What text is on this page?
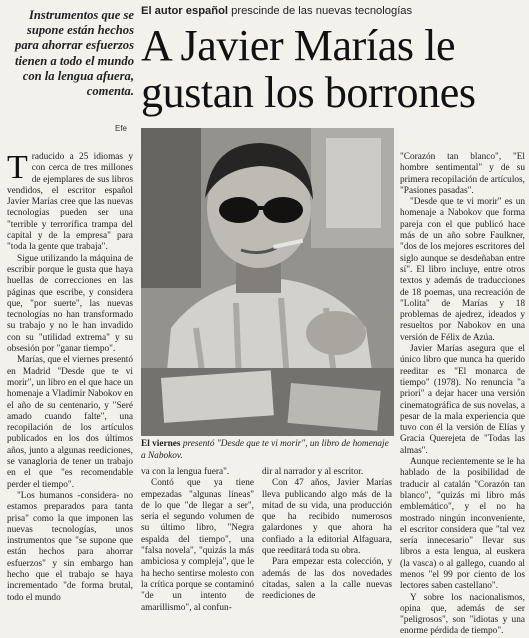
Instrumentos que se supone están hechos para ahorrar esfuerzos tienen a todo el mundo con la lengua afuera, comenta.
Efe
El autor español prescinde de las nuevas tecnologías
A Javier Marías le gustan los borrones

Traducido a 25 idiomas y con cerca de tres millones de ejemplares de sus libros vendidos, el escritor español Javier Marías cree que las nuevas tecnologías pueden ser una "terrible y terrorífica trampa del capital y de la empresa" para "toda la gente que trabaja".

Sigue utilizando la máquina de escribir porque le gusta que haya huellas de correcciones en las páginas que escribe, y considera que, "por suerte", las nuevas tecnologías no han transformado su trabajo y no le han invadido con su "utilidad extrema" y su obsesión por "ganar tiempo".

Marías, que el viernes presentó en Madrid "Desde que te vi morir", un libro en el que hace un homenaje a Vladimir Nabokov en el año de su centenario, y "Seré amado cuando falte", una recopilación de los artículos publicados en los dos últimos años, junto a algunas reediciones, se vanagloria de tener un trabajo en el que "es recomendable perder el tiempo".

"Los humanos -considera- no estamos preparados para tanta prisa" como la que imponen las nuevas tecnologías, unos instrumentos que "se supone que están hechos para ahorrar esfuerzos" y sin embargo han hecho que el trabajo se haya incrementado "de forma brutal, todo el mundo

El viernes presentó "Desde que te vi morir", un libro de homenaje a Nabokov.

va con la lengua fuera".

Contó que ya tiene empezadas "algunas líneas" de lo que "de llegar a ser", sería el segundo volumen de su último libro, "Negra espalda del tiempo", una "falsa novela", "quizás la más ambiciosa y compleja", que le ha hecho sentirse molesto con la crítica porque se contaminó "de un intento de amarillismo", al confun-

dir al narrador y al escritor.

Con 47 años, Javier Marías lleva publicando algo más de la mitad de su vida, una producción que ha recibido numerosos galardones y que ahora ha confiado a la editorial Alfaguara, que reeditará toda su obra.

Para empezar esta colección, y además de las dos novedades citadas, salen a la calle nuevas reediciones de

"Corazón tan blanco", "El hombre sentimental" y de su primera recopilación de artículos, "Pasiones pasadas".

"Desde que te vi morir" es un homenaje a Nabokov que forma pareja con el que publicó hace más de un año sobre Faulkner, "dos de los mejores escritores del siglo aunque se desdeñaban entre sí". El libro incluye, entre otros textos y además de traducciones de 18 poemas, una recreación de "Lolita" de Marías y 18 problemas de ajedrez, ideados y resueltos por Nabokov en una versión de Félix de Azúa.

Javier Marías asegura que el único libro que nunca ha querido reeditar es "El monarca de tiempo" (1978). No renuncia "a priori" a dejar hacer una versión cinematográfica de sus novelas, a pesar de la mala experiencia que tuvo con él la versión de Elías y Gracia Querejeta de "Todas las almas".

Aunque recientemente se le ha hablado de la posibilidad de traducir al catalán "Corazón tan blanco", "quizás mi libro más emblemático", y el no ha mostrado ningún inconveniente, el escritor considera que "tal vez sería innecesario" llevar sus libros a esta lengua, al euskera (la vasca) o al gallego, cuando al menos "el 99 por ciento de los lectores saben castellano".

Y sobre los nacionalismos, opina que, además de ser "peligrosos", son "idiotas y una enorme pérdida de tiempo".
